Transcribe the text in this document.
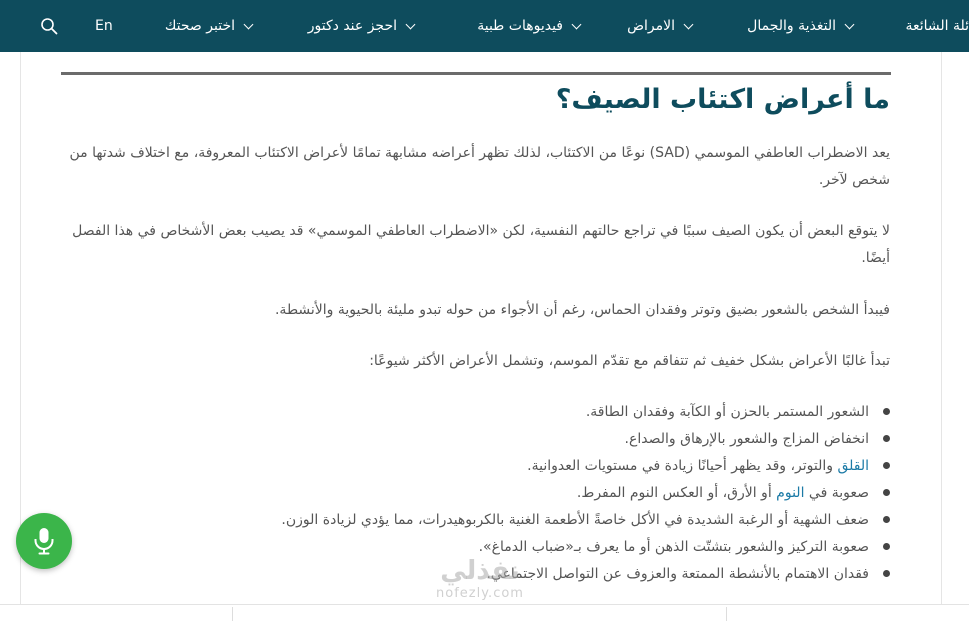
ئلة الشائعة
التغذية والجمال
الامراض
فيديوهات طبية
احجز عند دكتور
اختبر صحتك
En
ما أعراض اكتئاب الصيف؟

يعد الاضطراب العاطفي الموسمي (SAD) نوعًا من الاكتئاب، لذلك تظهر أعراضه مشابهة تمامًا لأعراض الاكتئاب المعروفة، مع اختلاف شدتها من شخص لآخر.

لا يتوقع البعض أن يكون الصيف سببًا في تراجع حالتهم النفسية، لكن «الاضطراب العاطفي الموسمي» قد يصيب بعض الأشخاص في هذا الفصل أيضًا.

فيبدأ الشخص بالشعور بضيق وتوتر وفقدان الحماس، رغم أن الأجواء من حوله تبدو مليئة بالحيوية والأنشطة.

تبدأ غالبًا الأعراض بشكل خفيف ثم تتفاقم مع تقدّم الموسم، وتشمل الأعراض الأكثر شيوعًا:

الشعور المستمر بالحزن أو الكآبة وفقدان الطاقة.
انخفاض المزاج والشعور بالإرهاق والصداع.
القلق
والتوتر، وقد يظهر أحيانًا زيادة في مستويات العدوانية.
صعوبة في
النوم
أو الأرق، أو العكس النوم المفرط.
ضعف الشهية أو الرغبة الشديدة في الأكل خاصةً الأطعمة الغنية بالكربوهيدرات، مما يؤدي لزيادة الوزن.
صعوبة التركيز والشعور بتشتّت الذهن أو ما يعرف بـ«ضباب الدماغ».
فقدان الاهتمام بالأنشطة الممتعة والعزوف عن التواصل الاجتماعي.
نفذلي
nofezly.com
